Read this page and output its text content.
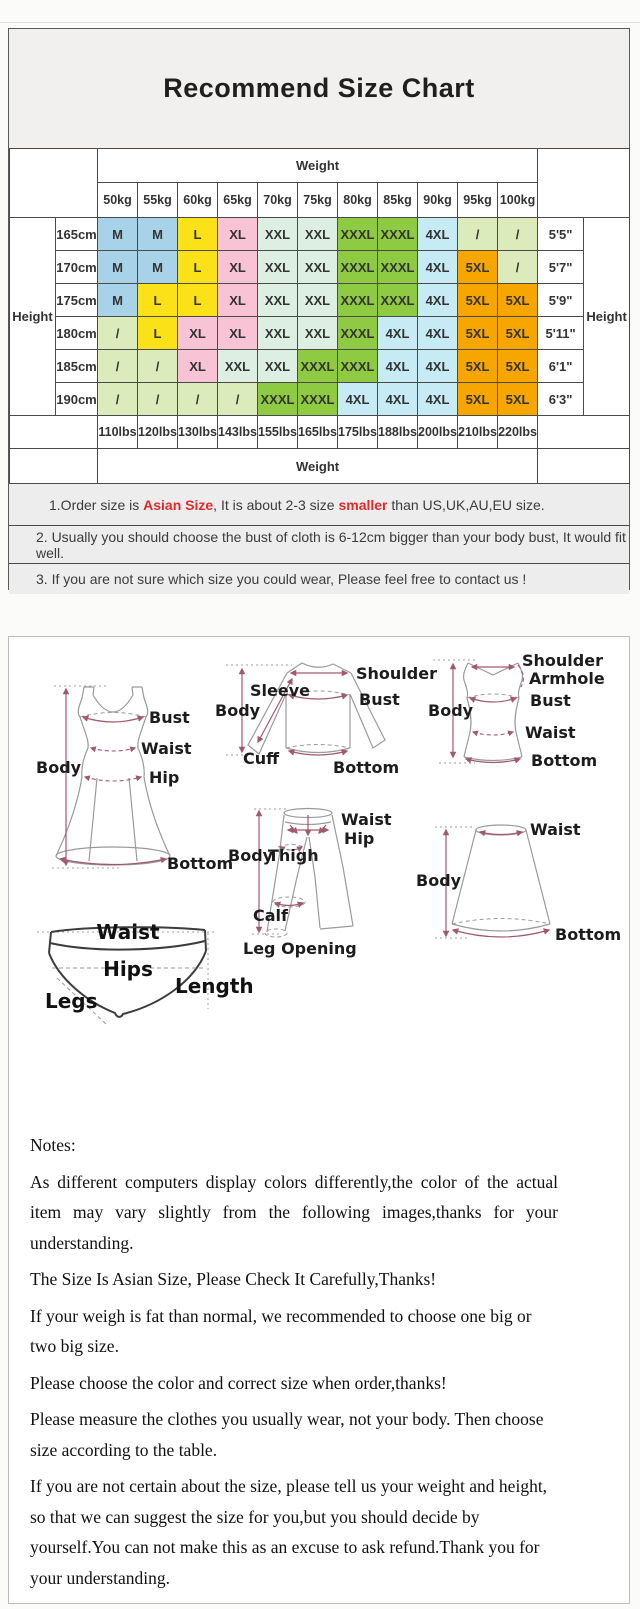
Recommend Size Chart
		Weight												
		50kg	55kg	60kg	65kg	70kg	75kg	80kg	85kg	90kg	95kg	100kg		
Height	165cm	M	M	L	XL	XXL	XXL	XXXL	XXXL	4XL	/	/	5'5"	Height
	170cm	M	M	L	XL	XXL	XXL	XXXL	XXXL	4XL	5XL	/	5'7"	
	175cm	M	L	L	XL	XXL	XXL	XXXL	XXXL	4XL	5XL	5XL	5'9"	
	180cm	/	L	XL	XL	XXL	XXL	XXXL	4XL	4XL	5XL	5XL	5'11"	
	185cm	/	/	XL	XXL	XXL	XXXL	XXXL	4XL	4XL	5XL	5XL	6'1"	
	190cm	/	/	/	/	XXXL	XXXL	4XL	4XL	4XL	5XL	5XL	6'3"	
		110lbs	120lbs	130lbs	143lbs	155lbs	165lbs	175lbs	188lbs	200lbs	210lbs	220lbs		
		Weight												
1.Order size is Asian Size, It is about 2-3 size smaller than US,UK,AU,EU size.
2. Usually you should choose the bust of cloth is 6-12cm bigger than your body bust, It would fit well.
3. If you are not sure which size you could wear, Please feel free to contact us !
Body
Bust
Waist
Hip
Bottom
Shoulder
Sleeve
Body
Bust
Cuff	Bottom
Shoulder
Armhole
Body
Bust
Waist
Bottom
Waist
Hip
Body
Thigh
Calf
Leg Opening
Waist
Body
Bottom
Waist
Hips
Legs
Length

Notes:

As different computers display colors differently,the color of the actual item may vary slightly from the following images,thanks for your understanding.

The Size Is Asian Size, Please Check It Carefully,Thanks!

If your weigh is fat than normal, we recommended to choose one big or two big size.

Please choose the color and correct size when order,thanks!

Please measure the clothes you usually wear, not your body. Then choose size according to the table.

If you are not certain about the size, please tell us your weight and height, so that we can suggest the size for you,but you should decide by yourself.You can not make this as an excuse to ask refund.Thank you for your understanding.
